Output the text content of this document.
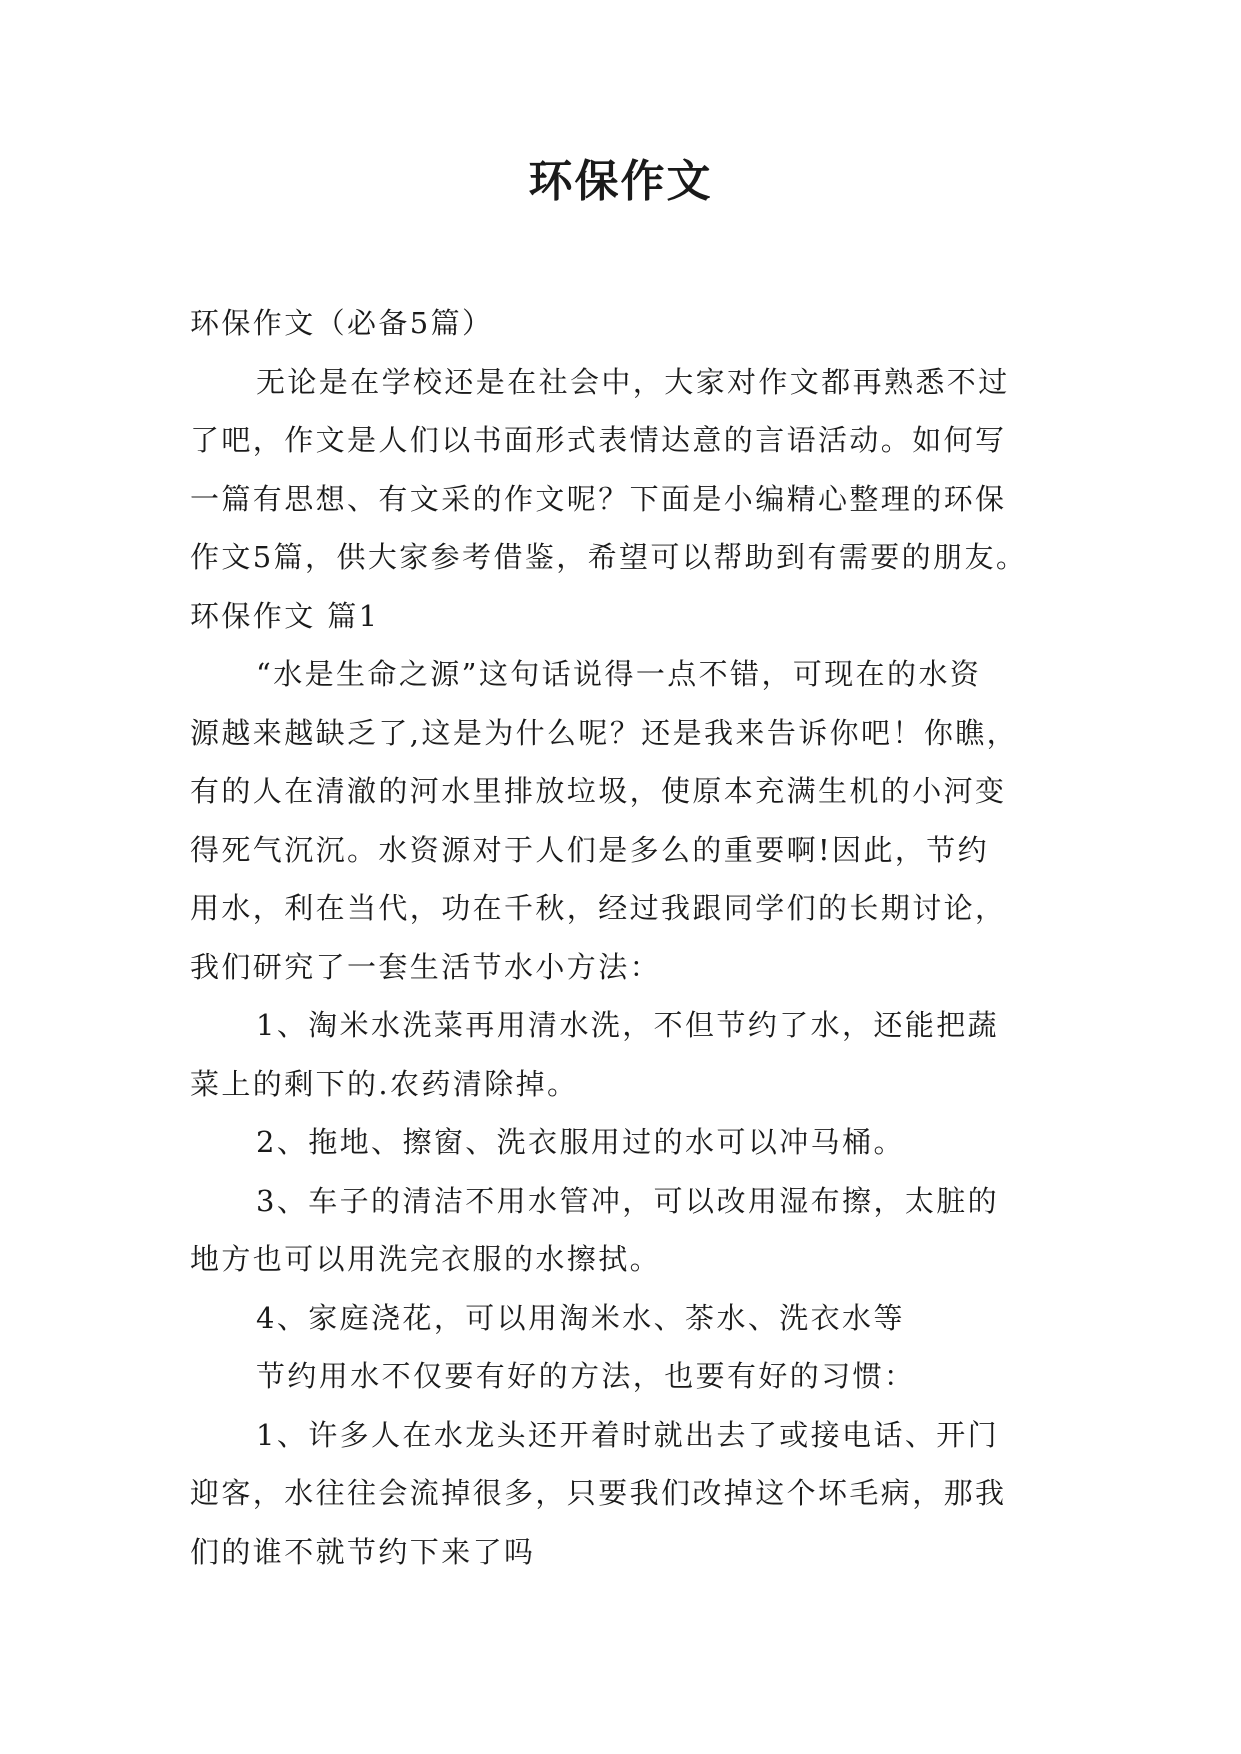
环保作文

环保作文（必备5篇）

无论是在学校还是在社会中，大家对作文都再熟悉不过

了吧，作文是人们以书面形式表情达意的言语活动。如何写

一篇有思想、有文采的作文呢？下面是小编精心整理的环保

作文5篇，供大家参考借鉴，希望可以帮助到有需要的朋友。

环保作文 篇1

“水是生命之源”这句话说得一点不错，可现在的水资

源越来越缺乏了,这是为什么呢？还是我来告诉你吧！你瞧，

有的人在清澈的河水里排放垃圾，使原本充满生机的小河变

得死气沉沉。水资源对于人们是多么的重要啊!因此，节约

用水，利在当代，功在千秋，经过我跟同学们的长期讨论，

我们研究了一套生活节水小方法：

1、淘米水洗菜再用清水洗，不但节约了水，还能把蔬

菜上的剩下的.农药清除掉。

2、拖地、擦窗、洗衣服用过的水可以冲马桶。

3、车子的清洁不用水管冲，可以改用湿布擦，太脏的

地方也可以用洗完衣服的水擦拭。

4、家庭浇花，可以用淘米水、茶水、洗衣水等

节约用水不仅要有好的方法，也要有好的习惯：

1、许多人在水龙头还开着时就出去了或接电话、开门

迎客，水往往会流掉很多，只要我们改掉这个坏毛病，那我

们的谁不就节约下来了吗
